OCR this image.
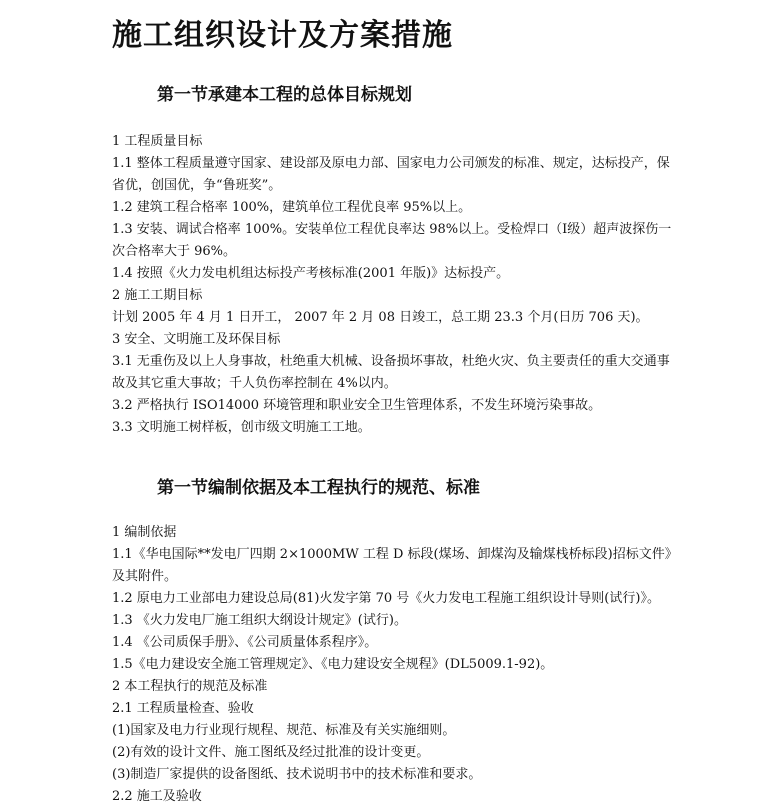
施工组织设计及方案措施
第一节承建本工程的总体目标规划

1 工程质量目标

1.1 整体工程质量遵守国家、建设部及原电力部、国家电力公司颁发的标准、规定，达标投产，保省优，创国优，争“鲁班奖”。

1.2 建筑工程合格率 100%，建筑单位工程优良率 95%以上。

1.3 安装、调试合格率 100%。安装单位工程优良率达 98%以上。受检焊口（Ⅰ级）超声波探伤一次合格率大于 96%。

1.4 按照《火力发电机组达标投产考核标准(2001 年版)》达标投产。

2 施工工期目标

计划 2005 年 4 月 1 日开工， 2007 年 2 月 08 日竣工，总工期 23.3 个月(日历 706 天)。

3 安全、文明施工及环保目标

3.1 无重伤及以上人身事故，杜绝重大机械、设备损坏事故，杜绝火灾、负主要责任的重大交通事故及其它重大事故；千人负伤率控制在 4%以内。

3.2 严格执行 ISO14000 环境管理和职业安全卫生管理体系，不发生环境污染事故。

3.3 文明施工树样板，创市级文明施工工地。

第一节编制依据及本工程执行的规范、标准

1 编制依据

1.1《华电国际**发电厂四期 2×1000MW 工程 D 标段(煤场、卸煤沟及输煤栈桥标段)招标文件》及其附件。

1.2 原电力工业部电力建设总局(81)火发字第 70 号《火力发电工程施工组织设计导则(试行)》。

1.3 《火力发电厂施工组织大纲设计规定》(试行)。

1.4 《公司质保手册》、《公司质量体系程序》。

1.5《电力建设安全施工管理规定》、《电力建设安全规程》(DL5009.1-92)。

2 本工程执行的规范及标准

2.1 工程质量检查、验收

(1)国家及电力行业现行规程、规范、标准及有关实施细则。

(2)有效的设计文件、施工图纸及经过批准的设计变更。

(3)制造厂家提供的设备图纸、技术说明书中的技术标准和要求。

2.2 施工及验收
